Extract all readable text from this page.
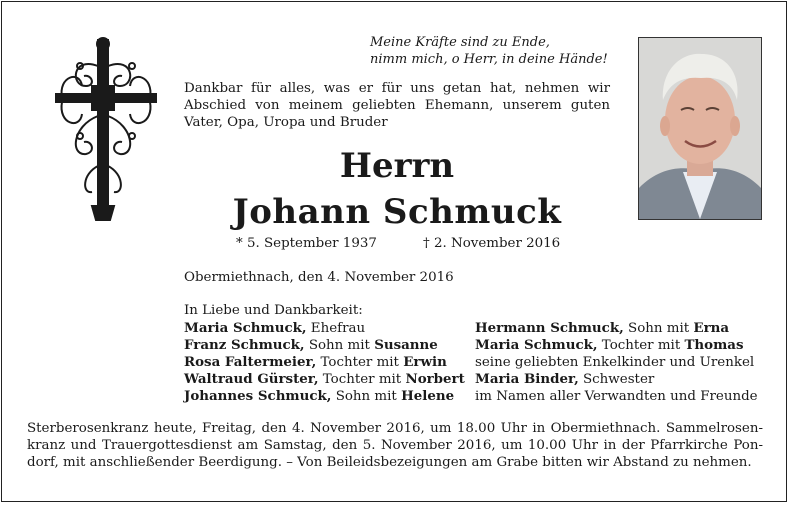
Meine Kräfte sind zu Ende,
nimm mich, o Herr, in deine Hände!
Dankbar für alles, was er für uns getan hat, nehmen wir Abschied von meinem geliebten Ehemann, unserem guten Vater, Opa, Uropa und Bruder
Herrn
Johann Schmuck
* 5. September 1937	† 2. November 2016
Obermiethnach, den 4. November 2016
In Liebe und Dankbarkeit:
Maria Schmuck, Ehefrau
Franz Schmuck, Sohn mit Susanne
Rosa Faltermeier, Tochter mit Erwin
Waltraud Gürster, Tochter mit Norbert
Johannes Schmuck, Sohn mit Helene
Hermann Schmuck, Sohn mit Erna
Maria Schmuck, Tochter mit Thomas
seine geliebten Enkelkinder und Urenkel
Maria Binder, Schwester
im Namen aller Verwandten und Freunde
Sterberosenkranz heute, Freitag, den 4. November 2016, um 18.00 Uhr in Obermiethnach. Sammelrosen-kranz und Trauergottesdienst am Samstag, den 5. November 2016, um 10.00 Uhr in der Pfarrkirche Pon-dorf, mit anschließender Beerdigung. – Von Beileidsbezeigungen am Grabe bitten wir Abstand zu nehmen.
